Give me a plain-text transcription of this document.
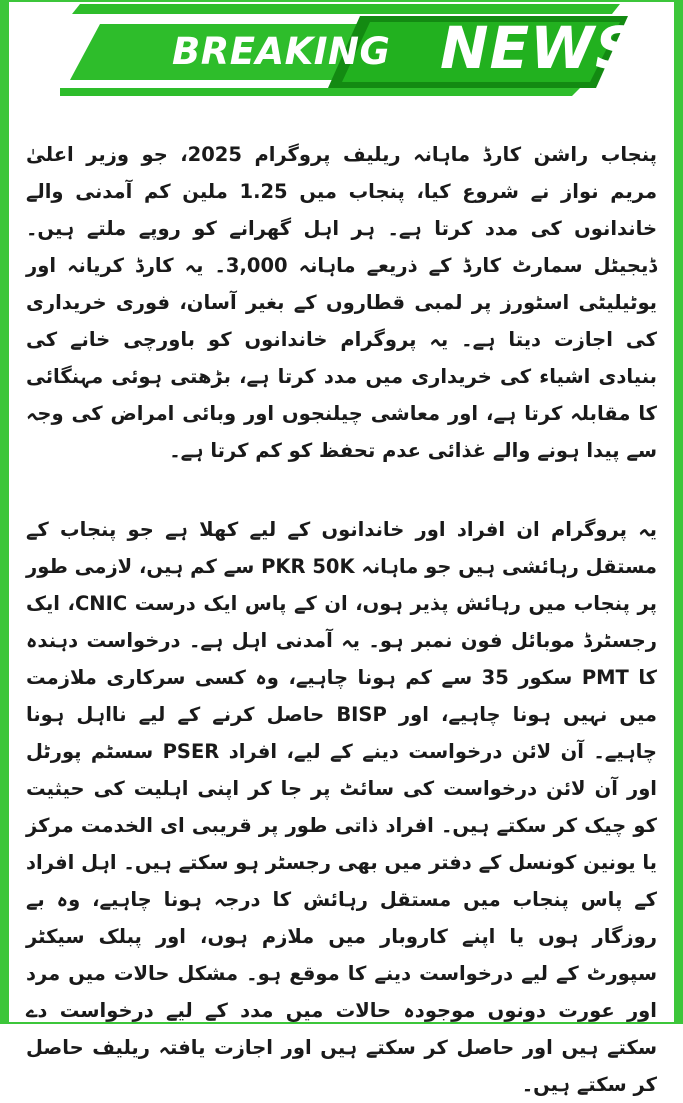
BREAKING NEWS

پنجاب راشن کارڈ ماہانہ ریلیف پروگرام 2025، جو وزیر اعلیٰ مریم نواز نے شروع کیا، پنجاب میں 1.25 ملین کم آمدنی والے خاندانوں کی مدد کرتا ہے۔ ہر اہل گھرانے کو روپے ملتے ہیں۔ ڈیجیٹل سمارٹ کارڈ کے ذریعے ماہانہ 3,000۔ یہ کارڈ کریانہ اور یوٹیلیٹی اسٹورز پر لمبی قطاروں کے بغیر آسان، فوری خریداری کی اجازت دیتا ہے۔ یہ پروگرام خاندانوں کو باورچی خانے کی بنیادی اشیاء کی خریداری میں مدد کرتا ہے، بڑھتی ہوئی مہنگائی کا مقابلہ کرتا ہے، اور معاشی چیلنجوں اور وبائی امراض کی وجہ سے پیدا ہونے والے غذائی عدم تحفظ کو کم کرتا ہے۔

یہ پروگرام ان افراد اور خاندانوں کے لیے کھلا ہے جو پنجاب کے مستقل رہائشی ہیں جو ماہانہ PKR 50K سے کم ہیں، لازمی طور پر پنجاب میں رہائش پذیر ہوں، ان کے پاس ایک درست CNIC، ایک رجسٹرڈ موبائل فون نمبر ہو۔ یہ آمدنی اہل ہے۔ درخواست دہندہ کا PMT سکور 35 سے کم ہونا چاہیے، وہ کسی سرکاری ملازمت میں نہیں ہونا چاہیے، اور BISP حاصل کرنے کے لیے نااہل ہونا چاہیے۔ آن لائن درخواست دینے کے لیے، افراد PSER سسٹم پورٹل اور آن لائن درخواست کی سائٹ پر جا کر اپنی اہلیت کی حیثیت کو چیک کر سکتے ہیں۔ افراد ذاتی طور پر قریبی ای الخدمت مرکز یا یونین کونسل کے دفتر میں بھی رجسٹر ہو سکتے ہیں۔ اہل افراد کے پاس پنجاب میں مستقل رہائش کا درجہ ہونا چاہیے، وہ بے روزگار ہوں یا اپنے کاروبار میں ملازم ہوں، اور پبلک سیکٹر سپورٹ کے لیے درخواست دینے کا موقع ہو۔ مشکل حالات میں مرد اور عورت دونوں موجودہ حالات میں مدد کے لیے درخواست دے سکتے ہیں اور حاصل کر سکتے ہیں اور اجازت یافتہ ریلیف حاصل کر سکتے ہیں۔
